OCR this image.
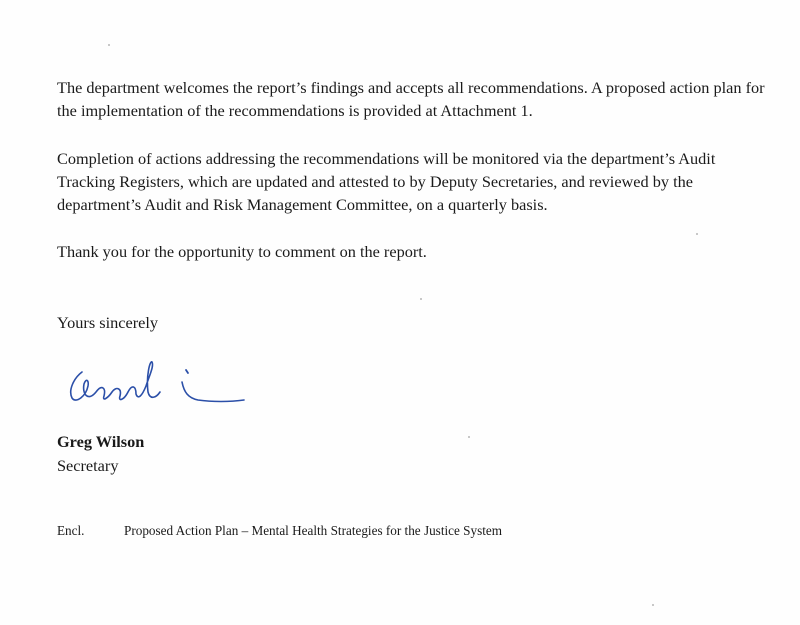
The department welcomes the report’s findings and accepts all recommendations. A proposed action plan for the implementation of the recommendations is provided at Attachment 1.

Completion of actions addressing the recommendations will be monitored via the department’s Audit Tracking Registers, which are updated and attested to by Deputy Secretaries, and reviewed by the department’s Audit and Risk Management Committee, on a quarterly basis.

Thank you for the opportunity to comment on the report.

Yours sincerely

Greg Wilson

Secretary

Encl.	Proposed Action Plan – Mental Health Strategies for the Justice System
